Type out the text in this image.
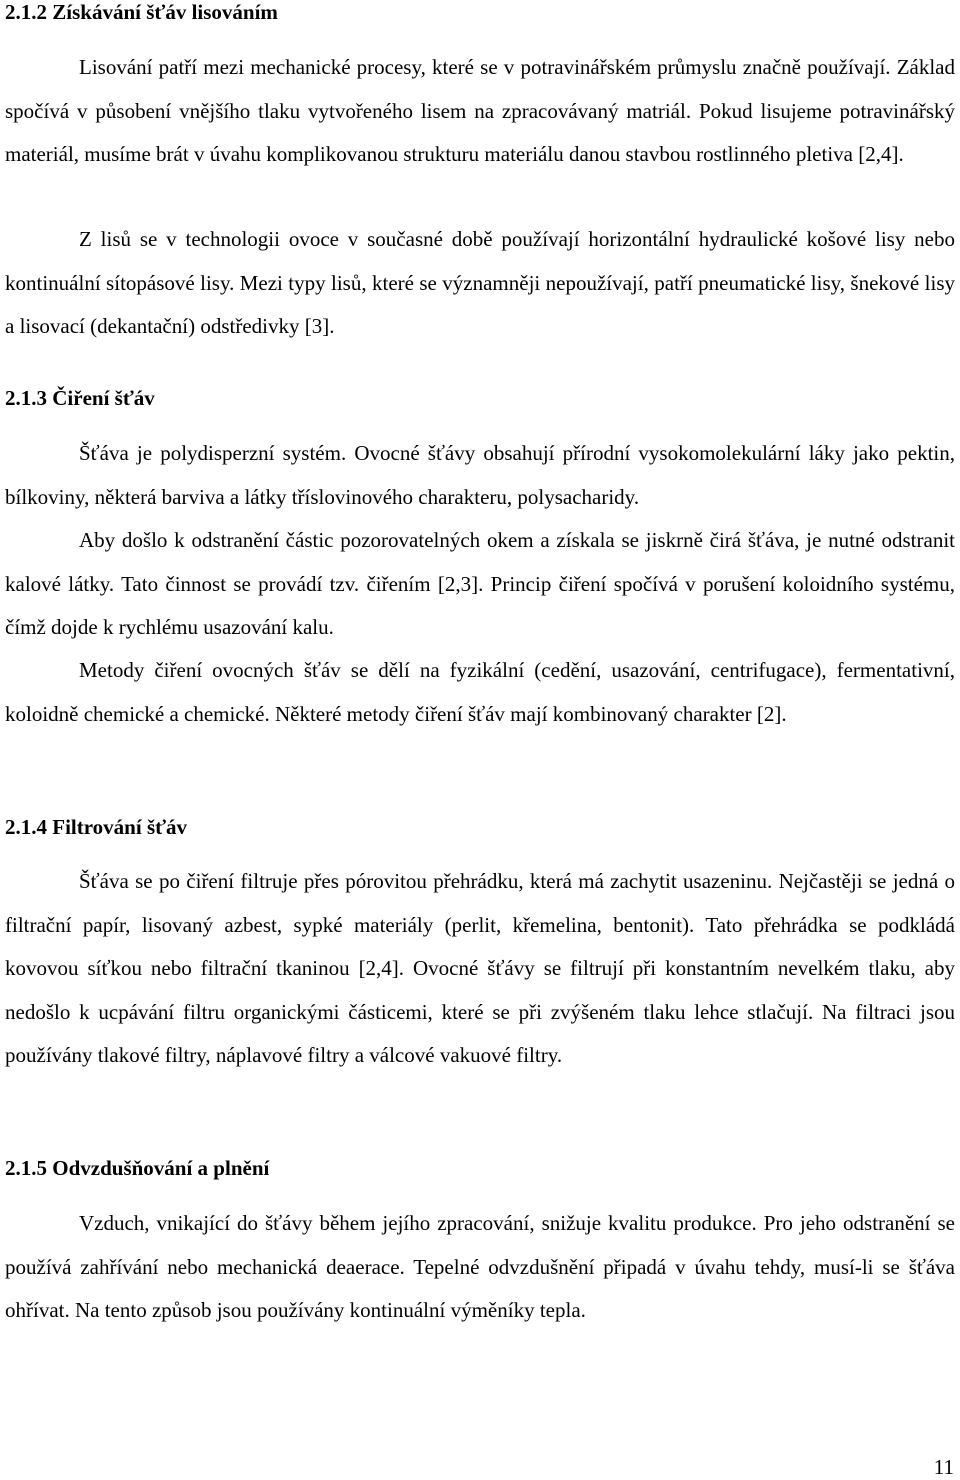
2.1.2 Získávání šťáv lisováním

Lisování patří mezi mechanické procesy, které se v potravinářském průmyslu značně používají. Základ spočívá v působení vnějšího tlaku vytvořeného lisem na zpracovávaný matriál. Pokud lisujeme potravinářský materiál, musíme brát v úvahu komplikovanou strukturu materiálu danou stavbou rostlinného pletiva [2,4].

Z lisů se v technologii ovoce v současné době používají horizontální hydraulické košové lisy nebo kontinuální sítopásové lisy. Mezi typy lisů, které se významněji nepoužívají, patří pneumatické lisy, šnekové lisy a lisovací (dekantační) odstředivky [3].

2.1.3 Čiření šťáv

Šťáva je polydisperzní systém. Ovocné šťávy obsahují přírodní vysokomolekulární láky jako pektin, bílkoviny, některá barviva a látky tříslovinového charakteru, polysacharidy.

Aby došlo k odstranění částic pozorovatelných okem a získala se jiskrně čirá šťáva, je nutné odstranit kalové látky. Tato činnost se provádí tzv. čiřením [2,3]. Princip čiření spočívá v porušení koloidního systému, čímž dojde k rychlému usazování kalu.

Metody čiření ovocných šťáv se dělí na fyzikální (cedění, usazování, centrifugace), fermentativní, koloidně chemické a chemické. Některé metody čiření šťáv mají kombinovaný charakter [2].

2.1.4 Filtrování šťáv

Šťáva se po čiření filtruje přes pórovitou přehrádku, která má zachytit usazeninu. Nejčastěji se jedná o filtrační papír, lisovaný azbest, sypké materiály (perlit, křemelina, bentonit). Tato přehrádka se podkládá kovovou síťkou nebo filtrační tkaninou [2,4]. Ovocné šťávy se filtrují při konstantním nevelkém tlaku, aby nedošlo k ucpávání filtru organickými částicemi, které se při zvýšeném tlaku lehce stlačují. Na filtraci jsou používány tlakové filtry, náplavové filtry a válcové vakuové filtry.

2.1.5 Odvzdušňování a plnění

Vzduch, vnikající do šťávy během jejího zpracování, snižuje kvalitu produkce. Pro jeho odstranění se používá zahřívání nebo mechanická deaerace. Tepelné odvzdušnění připadá v úvahu tehdy, musí-li se šťáva ohřívat. Na tento způsob jsou používány kontinuální výměníky tepla.

11
